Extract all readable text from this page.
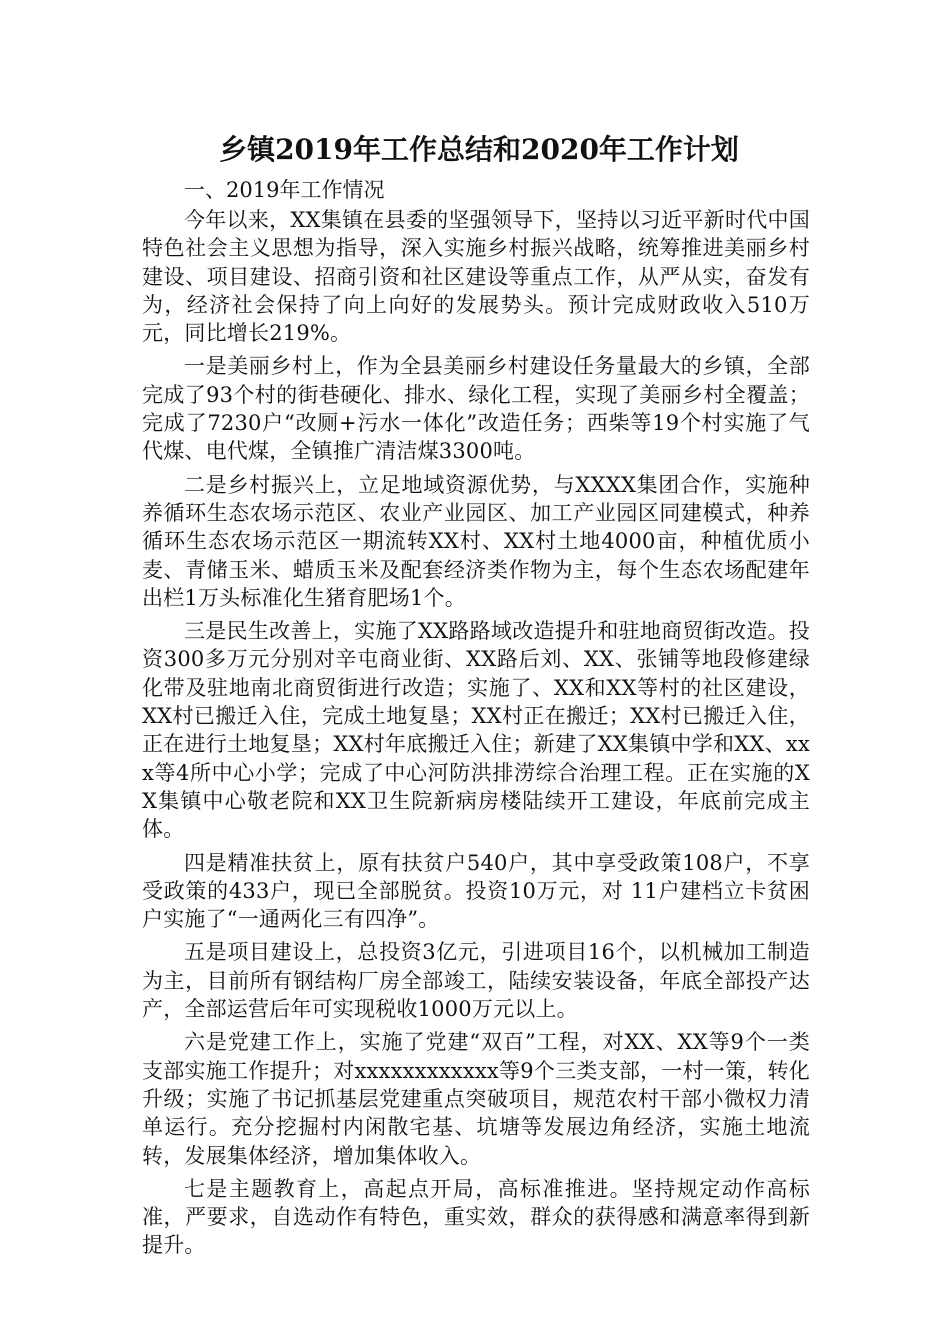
乡镇2019年工作总结和2020年工作计划

一、2019年工作情况

今年以来，XX集镇在县委的坚强领导下，坚持以习近平新时代中国特色社会主义思想为指导，深入实施乡村振兴战略，统筹推进美丽乡村建设、项目建设、招商引资和社区建设等重点工作，从严从实，奋发有为，经济社会保持了向上向好的发展势头。预计完成财政收入510万元，同比增长219%。

一是美丽乡村上，作为全县美丽乡村建设任务量最大的乡镇，全部完成了93个村的街巷硬化、排水、绿化工程，实现了美丽乡村全覆盖；完成了7230户“改厕+污水一体化”改造任务；西柴等19个村实施了气代煤、电代煤，全镇推广清洁煤3300吨。

二是乡村振兴上，立足地域资源优势，与XXXX集团合作，实施种养循环生态农场示范区、农业产业园区、加工产业园区同建模式，种养循环生态农场示范区一期流转XX村、XX村土地4000亩，种植优质小麦、青储玉米、蜡质玉米及配套经济类作物为主，每个生态农场配建年出栏1万头标准化生猪育肥场1个。

三是民生改善上，实施了XX路路域改造提升和驻地商贸街改造。投资300多万元分别对辛屯商业街、XX路后刘、XX、张铺等地段修建绿化带及驻地南北商贸街进行改造；实施了、XX和XX等村的社区建设，XX村已搬迁入住，完成土地复垦；XX村正在搬迁；XX村已搬迁入住，正在进行土地复垦；XX村年底搬迁入住；新建了XX集镇中学和XX、xxx等4所中心小学；完成了中心河防洪排涝综合治理工程。正在实施的XX集镇中心敬老院和XX卫生院新病房楼陆续开工建设，年底前完成主体。

四是精准扶贫上，原有扶贫户540户，其中享受政策108户，不享受政策的433户，现已全部脱贫。投资10万元，对 11户建档立卡贫困户实施了“一通两化三有四净”。

五是项目建设上，总投资3亿元，引进项目16个，以机械加工制造为主，目前所有钢结构厂房全部竣工，陆续安装设备，年底全部投产达产，全部运营后年可实现税收1000万元以上。

六是党建工作上，实施了党建“双百”工程，对XX、XX等9个一类支部实施工作提升；对xxxxxxxxxxxx等9个三类支部，一村一策，转化升级；实施了书记抓基层党建重点突破项目，规范农村干部小微权力清单运行。充分挖掘村内闲散宅基、坑塘等发展边角经济，实施土地流转，发展集体经济，增加集体收入。

七是主题教育上，高起点开局，高标准推进。坚持规定动作高标准，严要求，自选动作有特色，重实效，群众的获得感和满意率得到新提升。
